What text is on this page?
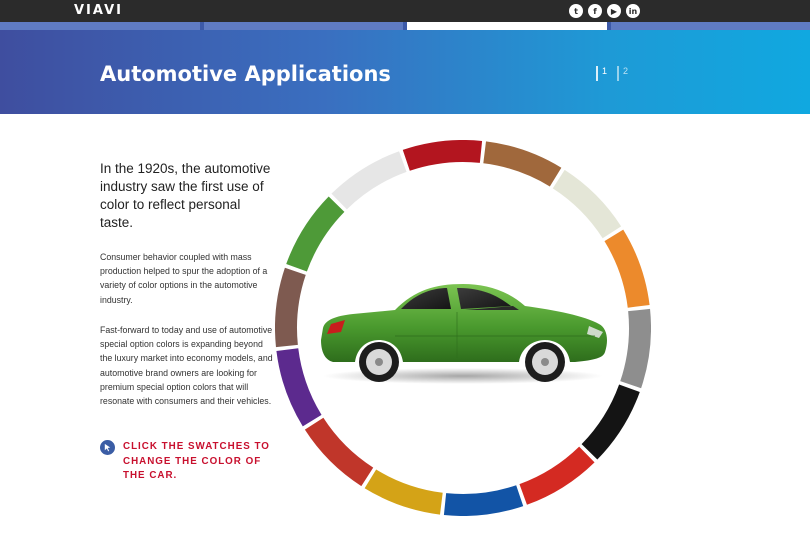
VIAVI	t	f	▶	in
Automotive Applications	1	2
In the 1920s, the automotive industry saw the first use of color to reflect personal taste.
Consumer behavior coupled with mass production helped to spur the adoption of a variety of color options in the automotive industry.
Fast-forward to today and use of automotive special option colors is expanding beyond the luxury market into economy models, and automotive brand owners are looking for premium special option colors that will resonate with consumers and their vehicles.
CLICK THE SWATCHES TO CHANGE THE COLOR OF THE CAR.
